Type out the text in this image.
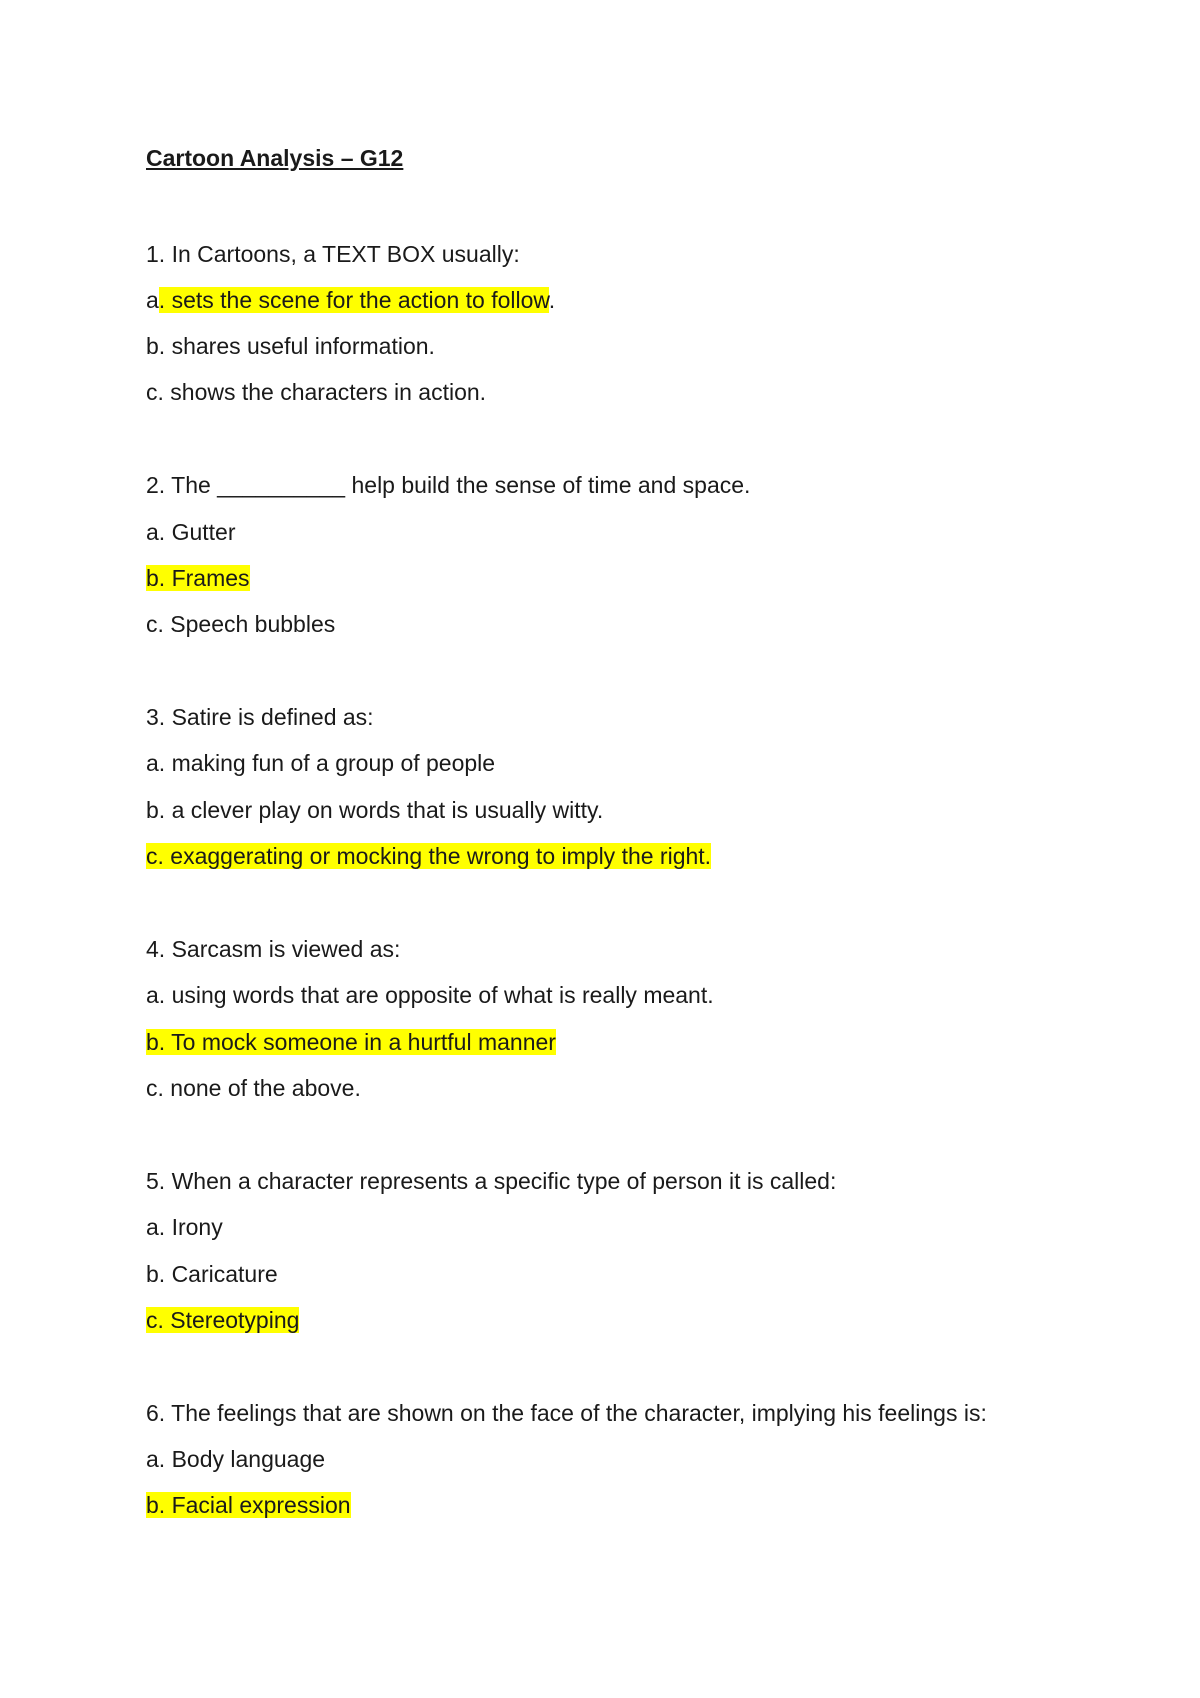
Cartoon Analysis – G12
1. In Cartoons, a TEXT BOX usually:
a. sets the scene for the action to follow.
b. shares useful information.
c. shows the characters in action.
2. The __________ help build the sense of time and space.
a. Gutter
b. Frames
c. Speech bubbles
3. Satire is defined as:
a. making fun of a group of people
b. a clever play on words that is usually witty.
c. exaggerating or mocking the wrong to imply the right.
4. Sarcasm is viewed as:
a. using words that are opposite of what is really meant.
b. To mock someone in a hurtful manner
c. none of the above.
5. When a character represents a specific type of person it is called:
a. Irony
b. Caricature
c. Stereotyping
6. The feelings that are shown on the face of the character, implying his feelings is:
a. Body language
b. Facial expression
